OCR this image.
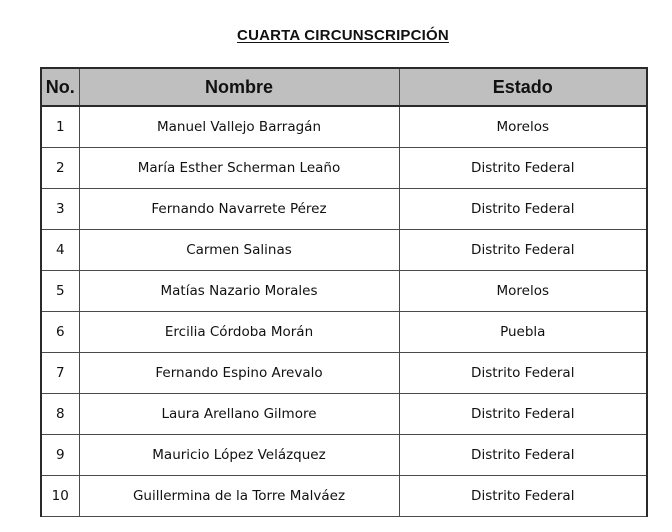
CUARTA CIRCUNSCRIPCIÓN
No.	Nombre	Estado
1	Manuel Vallejo Barragán	Morelos
2	María Esther Scherman Leaño	Distrito Federal
3	Fernando Navarrete Pérez	Distrito Federal
4	Carmen Salinas	Distrito Federal
5	Matías Nazario Morales	Morelos
6	Ercilia Córdoba Morán	Puebla
7	Fernando Espino Arevalo	Distrito Federal
8	Laura Arellano Gilmore	Distrito Federal
9	Mauricio López Velázquez	Distrito Federal
10	Guillermina de la Torre Malváez	Distrito Federal
